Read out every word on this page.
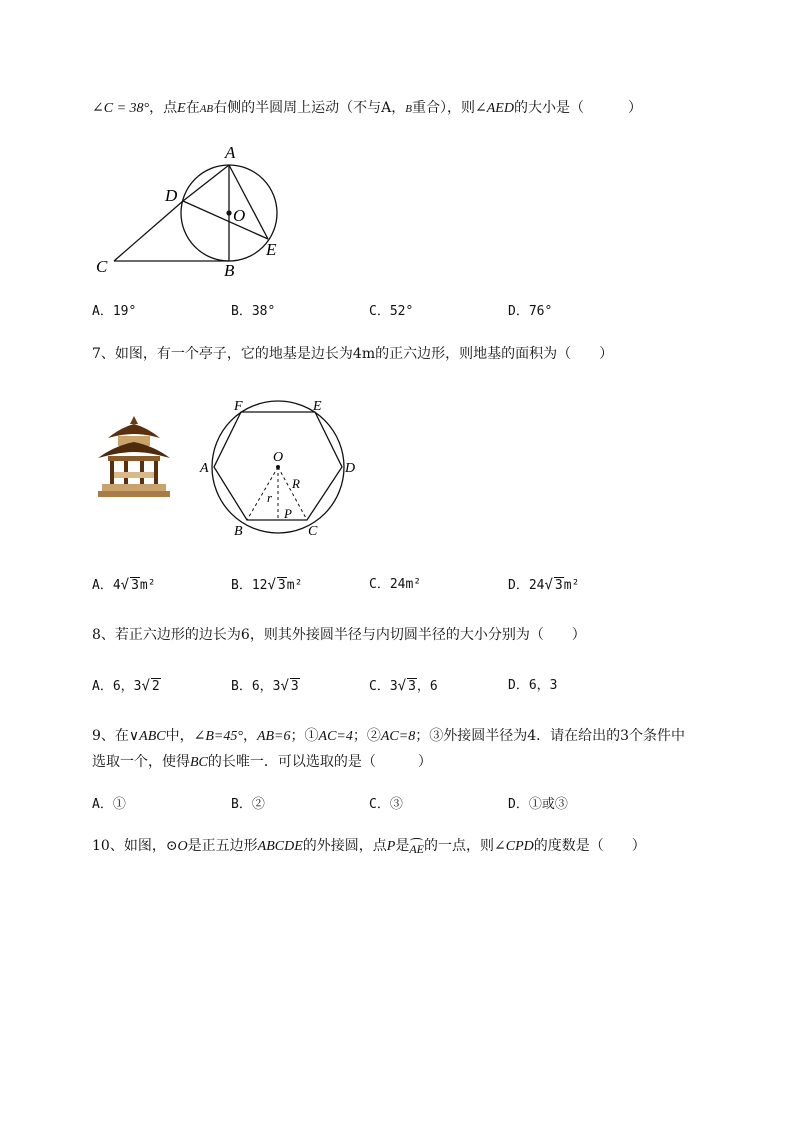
∠C = 38°，点E在AB右侧的半圆周上运动（不与A，B重合），则∠AED的大小是（	）
A
D
O
E
C	B
A．19°	B．38°	C．52°	D．76°
7、如图，有一个亭子，它的地基是边长为4m的正六边形，则地基的面积为（　　）
F	E
A	D
O
r
R
P
B	C
A．4√ 3m²	B．12√ 3m²	C．24m²	D．24√ 3m²
8、若正六边形的边长为6，则其外接圆半径与内切圆半径的大小分别为（　　）
A．6，3√ 2	B．6，3√ 3	C．3√ 3，6	D．6，3
9、在∨ABC中，∠B=45°，AB=6；①AC=4；②AC=8；③外接圆半径为4．请在给出的3个条件中
选取一个，使得BC的长唯一．可以选取的是（　　　）
A．①	B．②	C．③	D．①或③
10、如图，⊙O是正五边形ABCDE的外接圆，点P是AE的一点，则∠CPD的度数是（　　）
